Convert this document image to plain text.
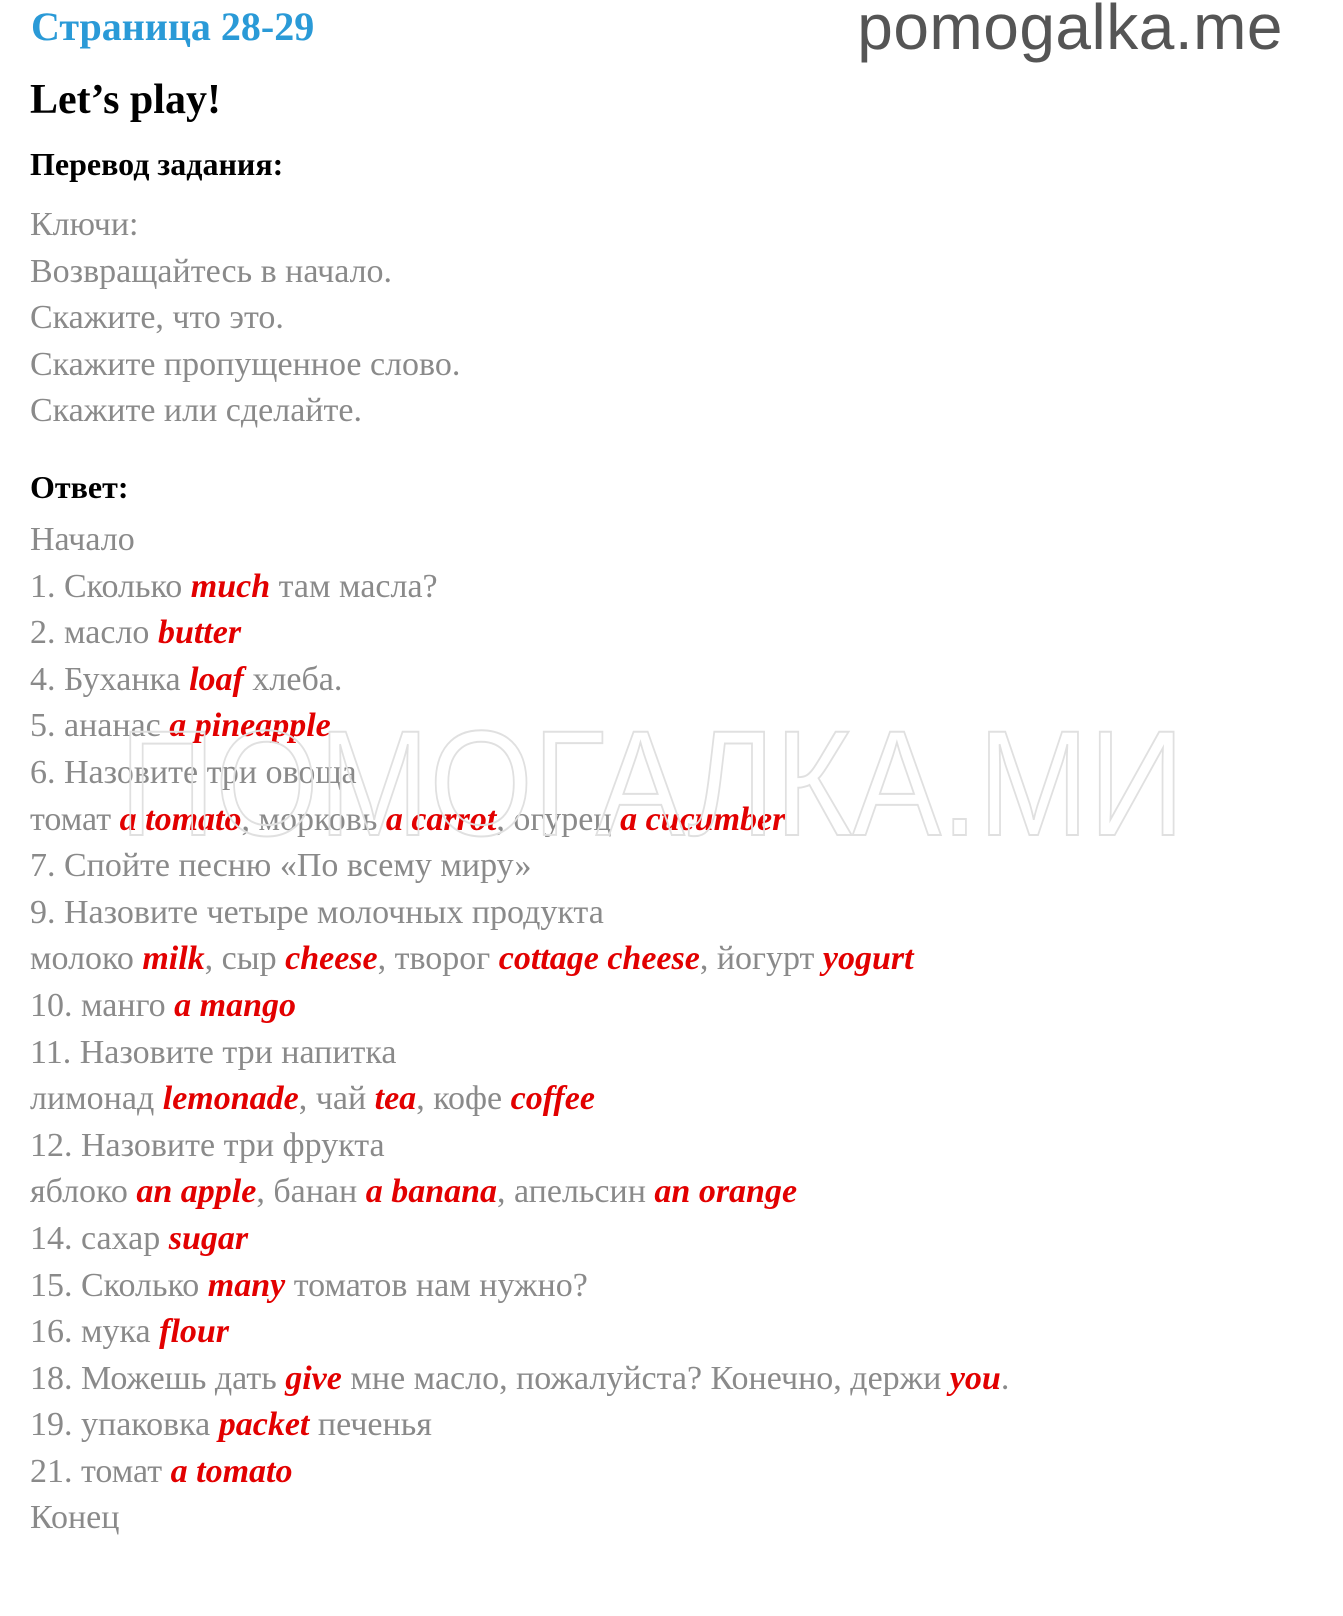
Страница 28-29	pomogalka.me
Let’s play!
Перевод задания:
Ключи:
Возвращайтесь в начало.
Скажите, что это.
Скажите пропущенное слово.
Скажите или сделайте.
Ответ:
Начало
1. Сколько much там масла?
2. масло butter
4. Буханка loaf хлеба.
5. ананас a pineapple
6. Назовите три овоща
томат a tomato, морковь a carrot, огурец a cucumber
7. Спойте песню «По всему миру»
9. Назовите четыре молочных продукта
молоко milk, сыр cheese, творог cottage cheese, йогурт yogurt
10. манго a mango
11. Назовите три напитка
лимонад lemonade, чай tea, кофе coffee
12. Назовите три фрукта
яблоко an apple, банан a banana, апельсин an orange
14. сахар sugar
15. Сколько many томатов нам нужно?
16. мука flour
18. Можешь дать give мне масло, пожалуйста? Конечно, держи you.
19. упаковка packet печенья
21. томат a tomato
Конец
ПОМОГАЛКА.МИ
